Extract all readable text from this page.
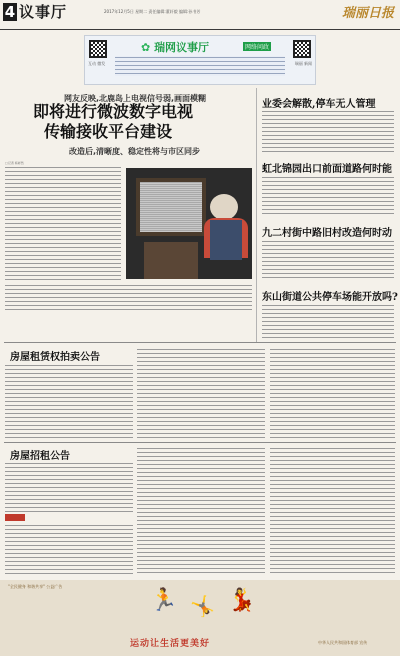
4 议事厅	2017年12月5日 星期二 责任编辑:董轩毅 编辑:孙书芳	瑞丽日报
互动 微发
✿ 瑞网议事厅	网络问政
瑞丽 新闻
网友反映,北鹿岛上电视信号弱,画面模糊
即将进行微波数字电视
传输接收平台建设
改造后,清晰度、稳定性将与市区同步
□记者 杨彬然
业委会解散,停车无人管理
虹北锦园出口前面道路何时能
九二村街中路旧村改造何时动
东山街道公共停车场能开放吗?
房屋租赁权拍卖公告
房屋招租公告
"全民健身 和谐共享" 公益广告
🏃 🤸 💃
运动让生活更美好	中华人民共和国体育部 宣传
